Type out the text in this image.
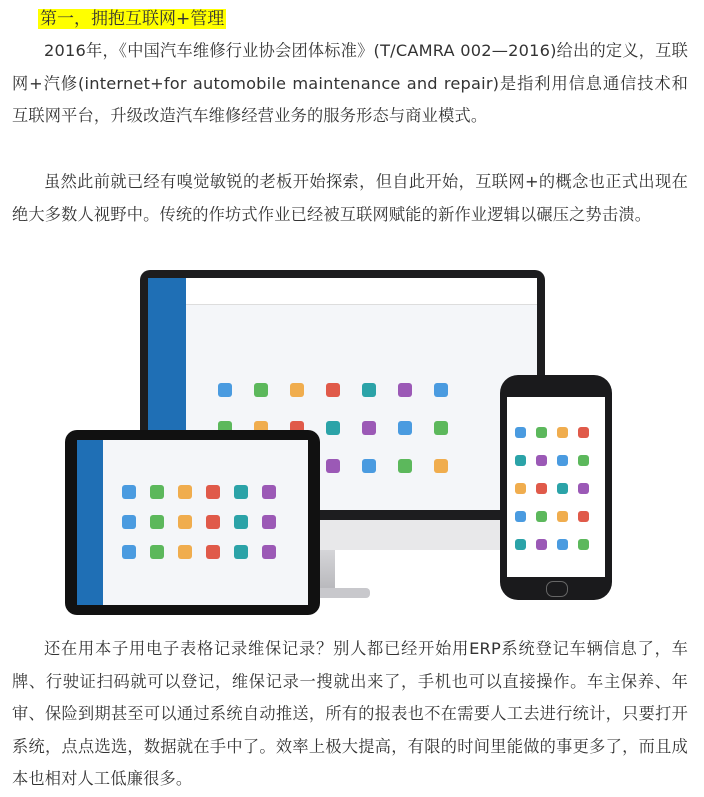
第一，拥抱互联网+管理

2016年，《中国汽车维修行业协会团体标准》(T/CAMRA 002—2016)给出的定义，互联网+汽修(internet+for automobile maintenance and repair)是指利用信息通信技术和互联网平台，升级改造汽车维修经营业务的服务形态与商业模式。

虽然此前就已经有嗅觉敏锐的老板开始探索，但自此开始，互联网+的概念也正式出现在绝大多数人视野中。传统的作坊式作业已经被互联网赋能的新作业逻辑以碾压之势击溃。

还在用本子用电子表格记录维保记录？别人都已经开始用ERP系统登记车辆信息了，车牌、行驶证扫码就可以登记，维保记录一搜就出来了，手机也可以直接操作。车主保养、年审、保险到期甚至可以通过系统自动推送，所有的报表也不在需要人工去进行统计，只要打开系统，点点选选，数据就在手中了。效率上极大提高，有限的时间里能做的事更多了，而且成本也相对人工低廉很多。
